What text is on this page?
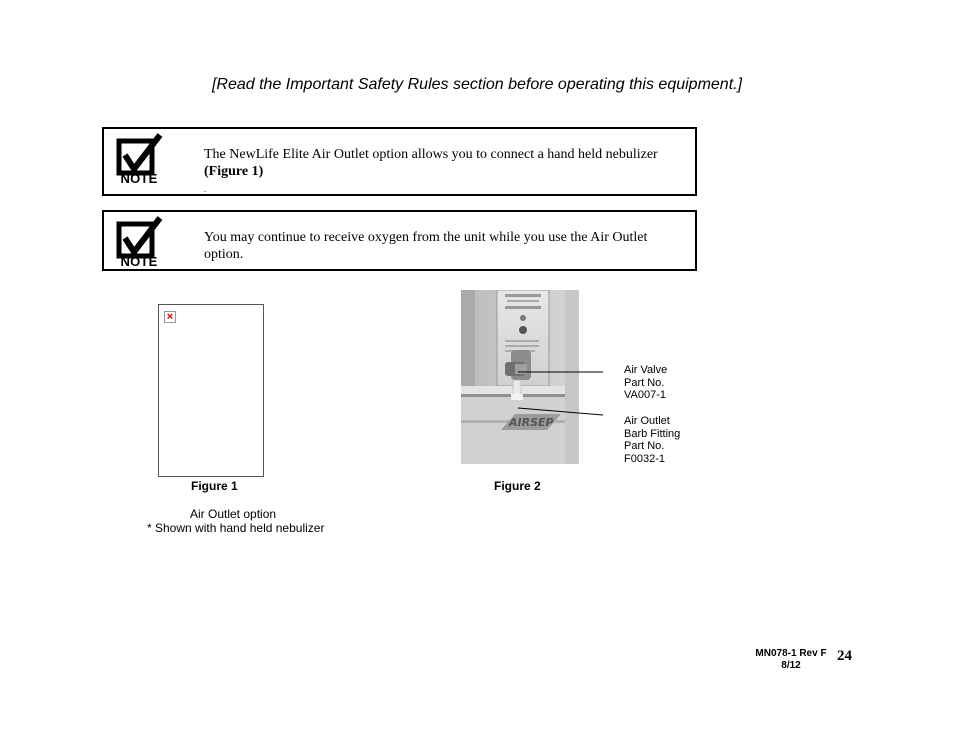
[Read the Important Safety Rules section before operating this equipment.]
NOTE
The NewLife Elite Air Outlet option allows you to connect a hand held nebulizer
(Figure 1)
.
NOTE
You may continue to receive oxygen from the unit while you use the Air Outlet option.
×
Figure 1
Air Outlet option
* Shown with hand held nebulizer
AIRSEP
Air Valve
Part No.
VA007-1
Air Outlet
Barb Fitting
Part No.
F0032-1
Figure 2
MN078-1 Rev F
8/12
24
